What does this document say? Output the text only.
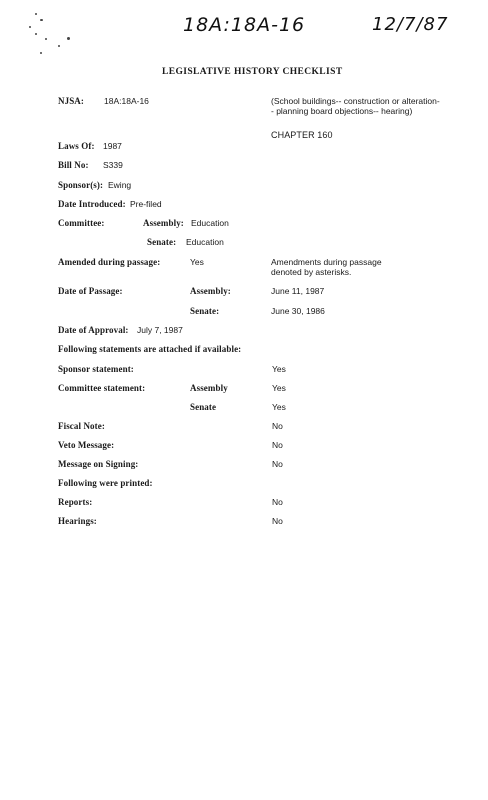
18A:18A-16	12/7/87
LEGISLATIVE HISTORY CHECKLIST
NJSA: 18A:18A-16	(School buildings-- construction or alteration-- planning board objections-- hearing)
CHAPTER 160
Laws Of: 1987
Bill No: S339
Sponsor(s): Ewing
Date Introduced: Pre-filed
Committee:	Assembly: Education
Senate: Education
Amended during passage:	Yes	Amendments during passage denoted by asterisks.
Date of Passage:	Assembly:	June 11, 1987
Senate:	June 30, 1986
Date of Approval: July 7, 1987
Following statements are attached if available:
Sponsor statement:	Yes
Committee statement:	Assembly	Yes
Senate	Yes
Fiscal Note:	No
Veto Message:	No
Message on Signing:	No
Following were printed:
Reports:	No
Hearings:	No
